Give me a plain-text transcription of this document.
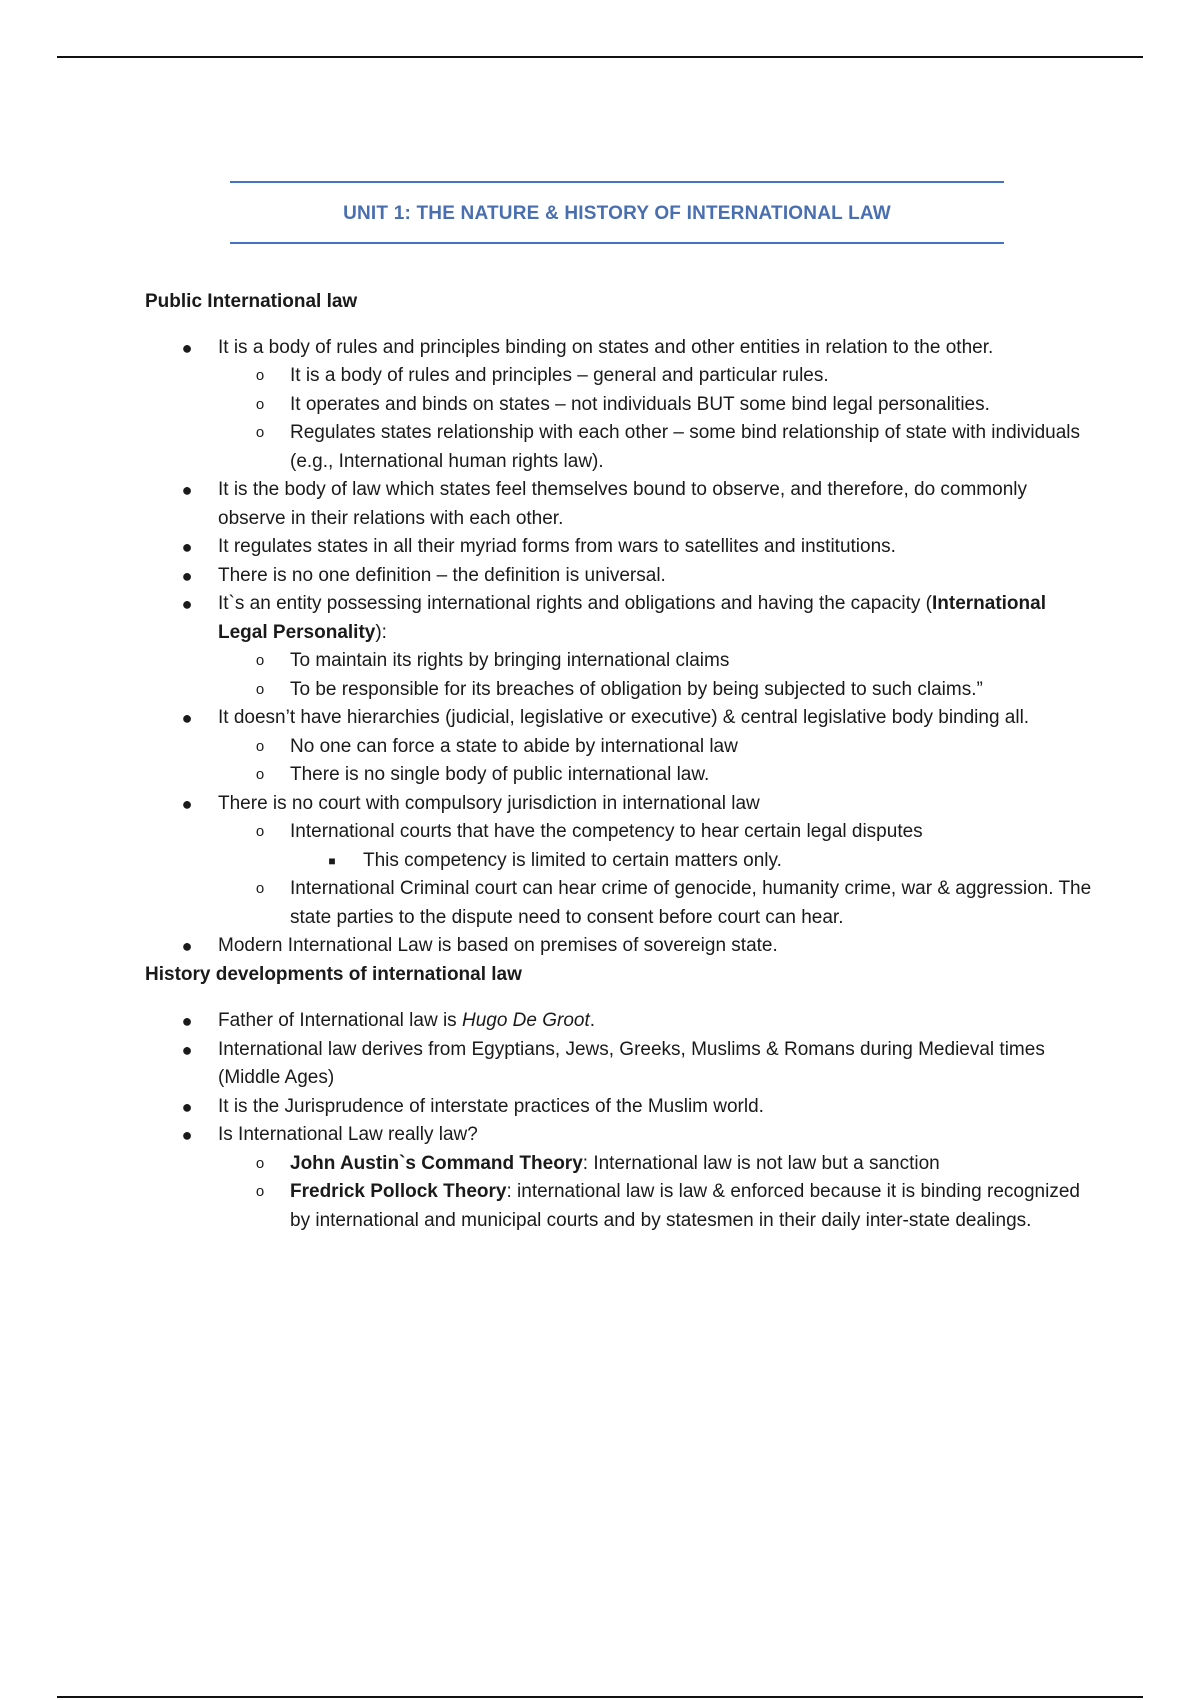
UNIT 1: THE NATURE & HISTORY OF INTERNATIONAL LAW

Public International law

● It is a body of rules and principles binding on states and other entities in relation to the other.
o	It is a body of rules and principles – general and particular rules.
o	It operates and binds on states – not individuals BUT some bind legal personalities.
o	Regulates states relationship with each other – some bind relationship of state with individuals (e.g., International human rights law).
● It is the body of law which states feel themselves bound to observe, and therefore, do commonly observe in their relations with each other.
● It regulates states in all their myriad forms from wars to satellites and institutions.
● There is no one definition – the definition is universal.
● It`s an entity possessing international rights and obligations and having the capacity (International Legal Personality):
o	To maintain its rights by bringing international claims
o	To be responsible for its breaches of obligation by being subjected to such claims.”
● It doesn’t have hierarchies (judicial, legislative or executive) & central legislative body binding all.
o	No one can force a state to abide by international law
o	There is no single body of public international law.
● There is no court with compulsory jurisdiction in international law
o	International courts that have the competency to hear certain legal disputes
■	This competency is limited to certain matters only.
o	International Criminal court can hear crime of genocide, humanity crime, war & aggression. The state parties to the dispute need to consent before court can hear.
● Modern International Law is based on premises of sovereign state.

History developments of international law

● Father of International law is Hugo De Groot.
● International law derives from Egyptians, Jews, Greeks, Muslims & Romans during Medieval times (Middle Ages)
● It is the Jurisprudence of interstate practices of the Muslim world.
● Is International Law really law?
o	John Austin`s Command Theory: International law is not law but a sanction
o	Fredrick Pollock Theory: international law is law & enforced because it is binding recognized by international and municipal courts and by statesmen in their daily inter-state dealings.
